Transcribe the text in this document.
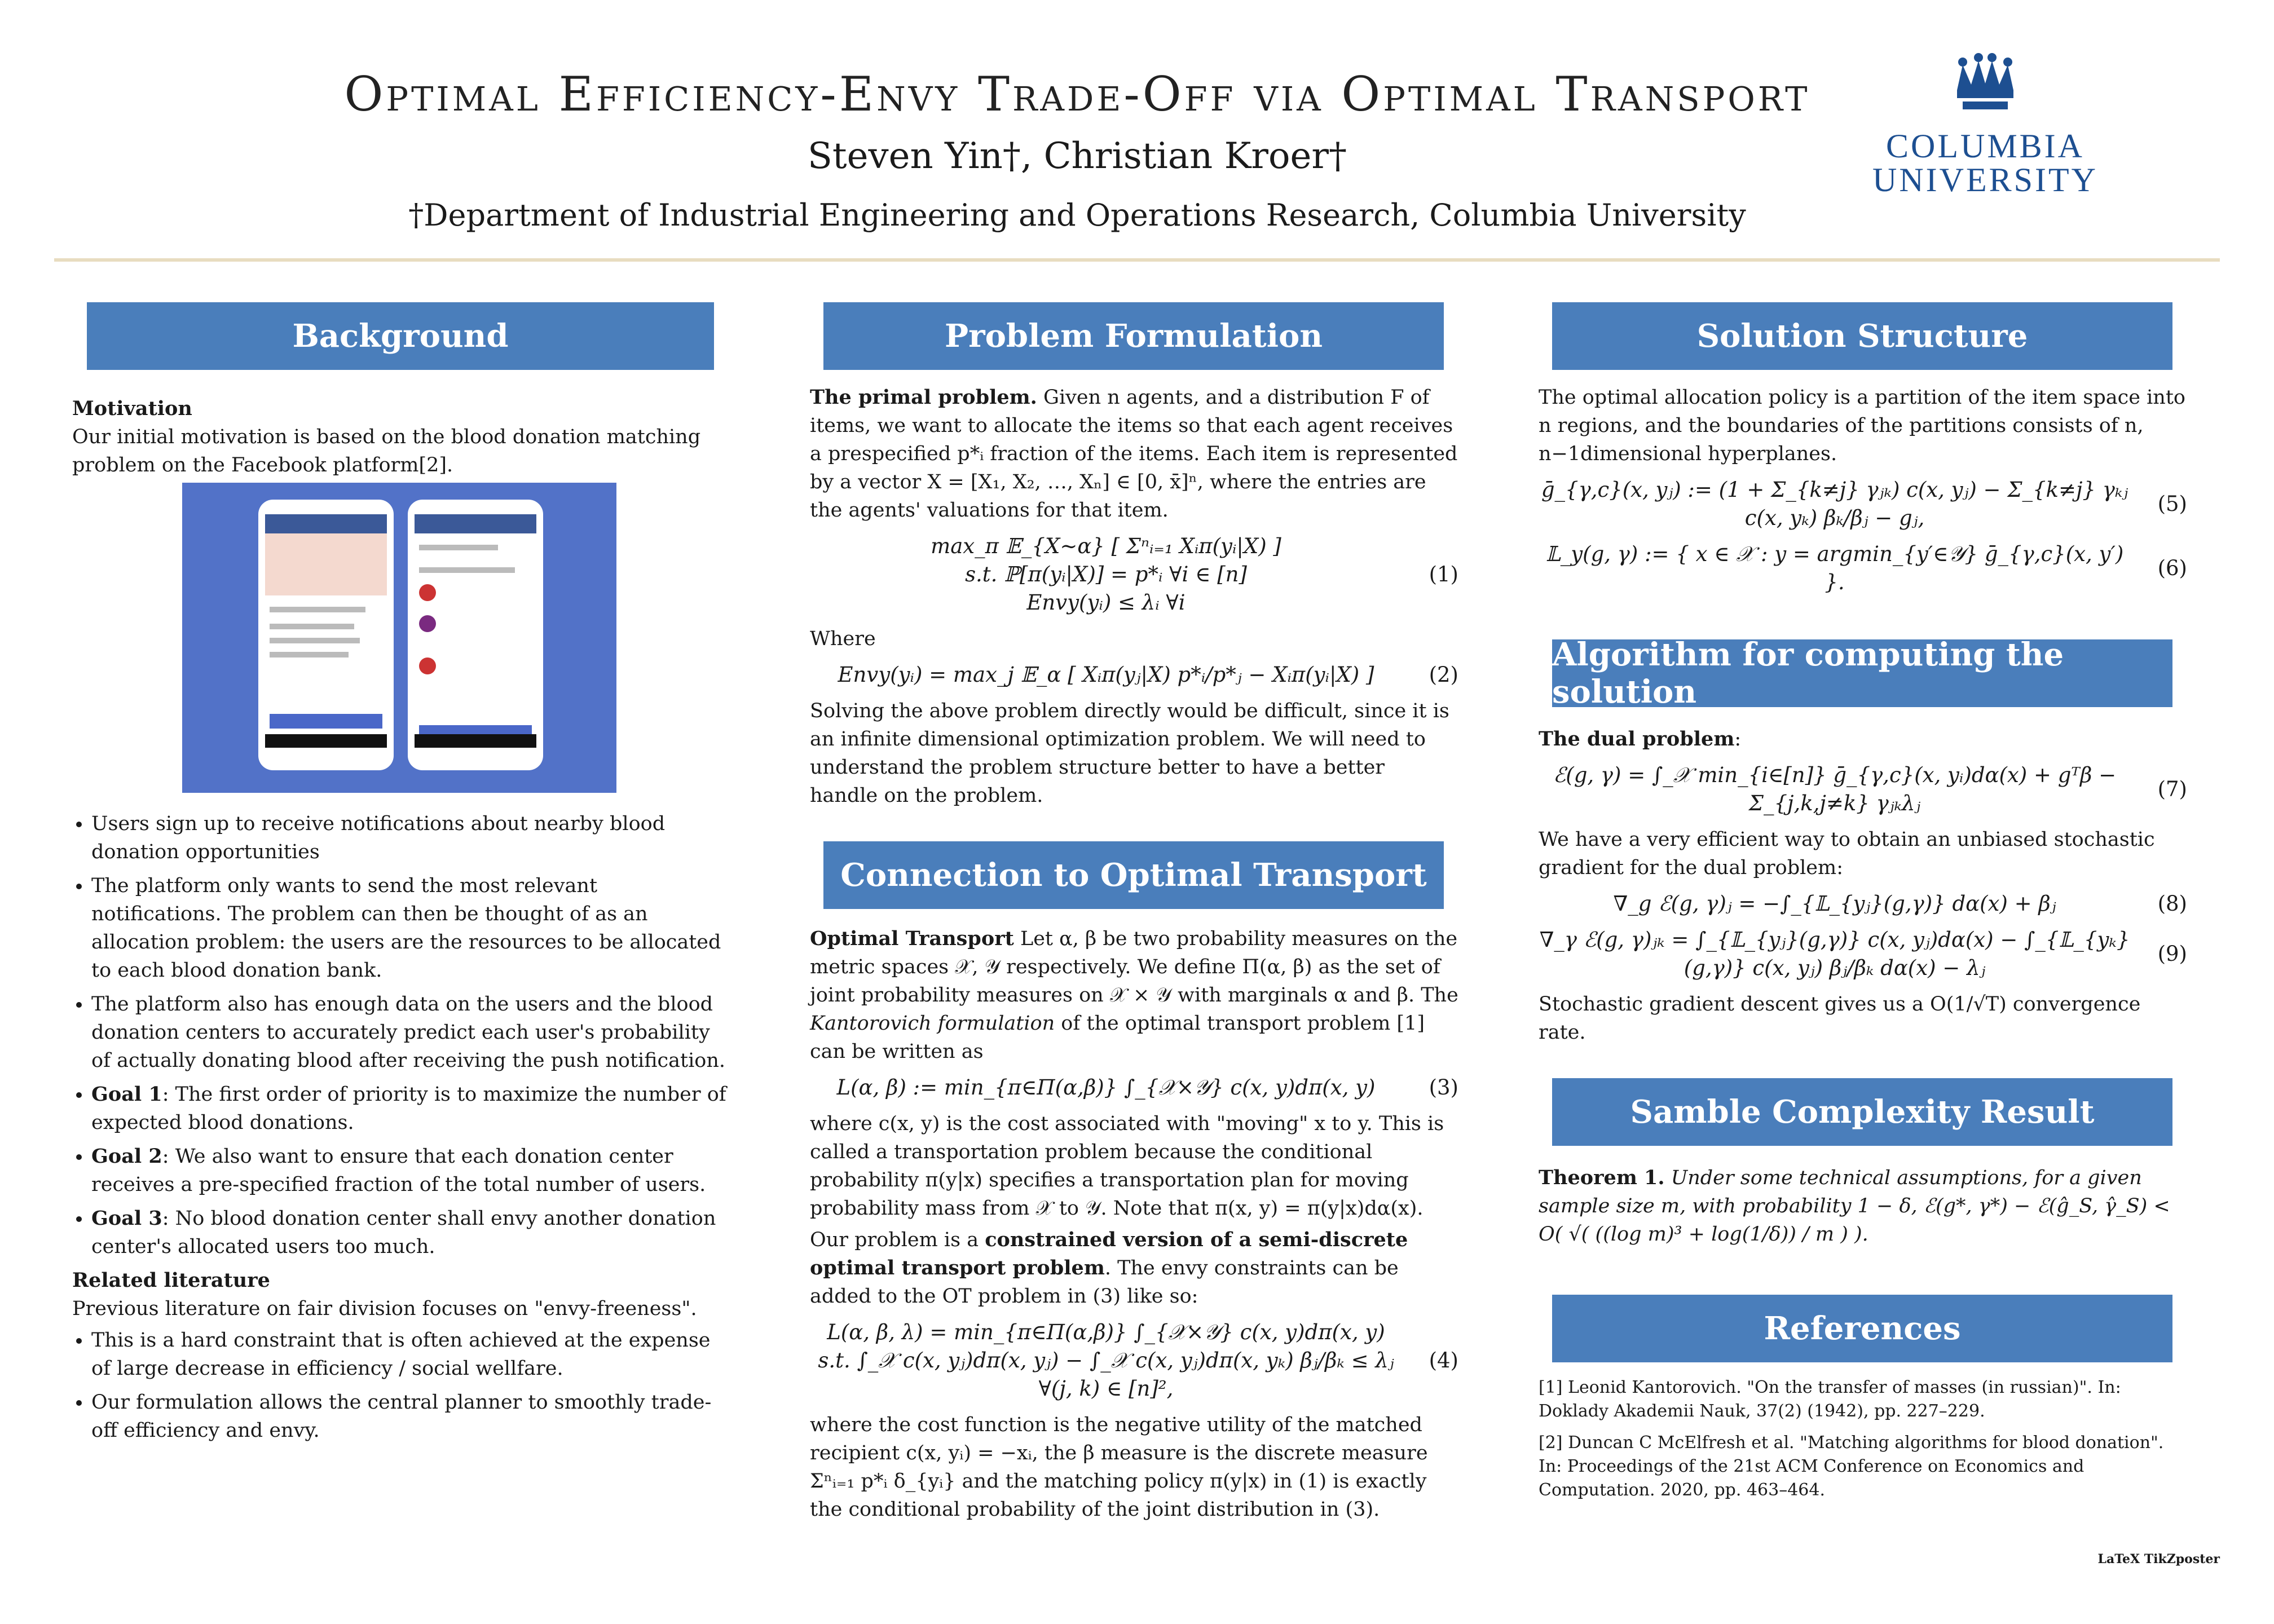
Optimal Efficiency-Envy Trade-Off via Optimal Transport
Steven Yin†, Christian Kroer†
†Department of Industrial Engineering and Operations Research, Columbia University
COLUMBIA
UNIVERSITY
Background	Problem Formulation	Solution Structure
Connection to Optimal Transport
Algorithm for computing the solution
Samble Complexity Result
References
Motivation

Our initial motivation is based on the blood donation matching problem on the Facebook platform[2].

• Users sign up to receive notifications about nearby blood donation opportunities
• The platform only wants to send the most relevant notifications. The problem can then be thought of as an allocation problem: the users are the resources to be allocated to each blood donation bank.
• The platform also has enough data on the users and the blood donation centers to accurately predict each user's probability of actually donating blood after receiving the push notification.
• Goal 1: The first order of priority is to maximize the number of expected blood donations.
• Goal 2: We also want to ensure that each donation center receives a pre-specified fraction of the total number of users.
• Goal 3: No blood donation center shall envy another donation center's allocated users too much.
Related literature

Previous literature on fair division focuses on "envy-freeness".

• This is a hard constraint that is often achieved at the expense of large decrease in efficiency / social wellfare.
• Our formulation allows the central planner to smoothly trade-off efficiency and envy.

The primal problem. Given n agents, and a distribution F of items, we want to allocate the items so that each agent receives a prespecified p*ᵢ fraction of the items. Each item is represented by a vector X = [X₁, X₂, …, Xₙ] ∈ [0, x̄]ⁿ, where the entries are the agents' valuations for that item.

max_π 𝔼_{X∼α} [ Σⁿᵢ₌₁ Xᵢπ(yᵢ|X) ]
s.t. ℙ[π(yᵢ|X)] = p*ᵢ ∀i ∈ [n]
Envy(yᵢ) ≤ λᵢ ∀i
(1)

Where

Envy(yᵢ) = max_j 𝔼_α [ Xᵢπ(yⱼ|X) p*ᵢ/p*ⱼ − Xᵢπ(yᵢ|X) ]	(2)

Solving the above problem directly would be difficult, since it is an infinite dimensional optimization problem. We will need to understand the problem structure better to have a better handle on the problem.

Optimal Transport Let α, β be two probability measures on the metric spaces 𝒳, 𝒴 respectively. We define Π(α, β) as the set of joint probability measures on 𝒳 × 𝒴 with marginals α and β. The Kantorovich formulation of the optimal transport problem [1] can be written as

L(α, β) := min_{π∈Π(α,β)} ∫_{𝒳×𝒴} c(x, y)dπ(x, y)	(3)

where c(x, y) is the cost associated with "moving" x to y. This is called a transportation problem because the conditional probability π(y|x) specifies a transportation plan for moving probability mass from 𝒳 to 𝒴. Note that π(x, y) = π(y|x)dα(x).

Our problem is a constrained version of a semi-discrete optimal transport problem. The envy constraints can be added to the OT problem in (3) like so:

L(α, β, λ) = min_{π∈Π(α,β)} ∫_{𝒳×𝒴} c(x, y)dπ(x, y)
s.t. ∫_𝒳 c(x, yⱼ)dπ(x, yⱼ) − ∫_𝒳 c(x, yⱼ)dπ(x, yₖ) βⱼ/βₖ ≤ λⱼ ∀(j, k) ∈ [n]²,
(4)

where the cost function is the negative utility of the matched recipient c(x, yᵢ) = −xᵢ, the β measure is the discrete measure Σⁿᵢ₌₁ p*ᵢ δ_{yᵢ} and the matching policy π(y|x) in (1) is exactly the conditional probability of the joint distribution in (3).

The optimal allocation policy is a partition of the item space into n regions, and the boundaries of the partitions consists of n, n−1dimensional hyperplanes.

ḡ_{γ,c}(x, yⱼ) := (1 + Σ_{k≠j} γⱼₖ) c(x, yⱼ) − Σ_{k≠j} γₖⱼ c(x, yₖ) βₖ/βⱼ − gⱼ,
(5)
𝕃_y(g, γ) := { x ∈ 𝒳 : y = argmin_{y′∈𝒴} ḡ_{γ,c}(x, y′) }.
(6)

The dual problem:

ℰ(g, γ) = ∫_𝒳 min_{i∈[n]} ḡ_{γ,c}(x, yᵢ)dα(x) + gᵀβ − Σ_{j,k,j≠k} γⱼₖλⱼ
(7)

We have a very efficient way to obtain an unbiased stochastic gradient for the dual problem:

∇_g ℰ(g, γ)ⱼ = −∫_{𝕃_{yⱼ}(g,γ)} dα(x) + βⱼ	(8)
∇_γ ℰ(g, γ)ⱼₖ = ∫_{𝕃_{yⱼ}(g,γ)} c(x, yⱼ)dα(x) − ∫_{𝕃_{yₖ}(g,γ)} c(x, yⱼ) βⱼ/βₖ dα(x) − λⱼ
(9)

Stochastic gradient descent gives us a O(1/√T) convergence rate.

Theorem 1. Under some technical assumptions, for a given sample size m, with probability 1 − δ, ℰ(g*, γ*) − ℰ(ĝ_S, γ̂_S) < O( √( ((log m)³ + log(1/δ)) / m ) ).

[1] Leonid Kantorovich. "On the transfer of masses (in russian)". In: Doklady Akademii Nauk, 37(2) (1942), pp. 227–229.
[2] Duncan C McElfresh et al. "Matching algorithms for blood donation". In: Proceedings of the 21st ACM Conference on Economics and Computation. 2020, pp. 463–464.
LaTeX TikZposter
